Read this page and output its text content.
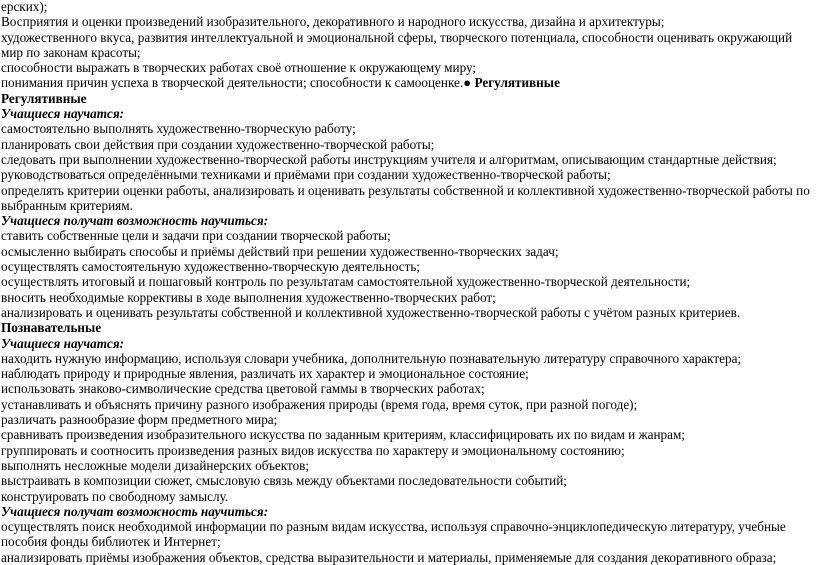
ерских);

Восприятия и оценки произведений изобразительного, декоративного и народного искусства, дизайна и архитектуры;

художественного вкуса, развития интеллектуальной и эмоциональной сферы, творческого потенциала, способности оценивать окружающий мир по законам красоты;

способности выражать в творческих работах своё отношение к окружающему миру;

понимания причин успеха в творческой деятельности; способности к самооценке.● Регулятивные

Регулятивные

Учащиеся научатся:

самостоятельно выполнять художественно-творческую работу;

планировать свои действия при создании художественно-творческой работы;

следовать при выполнении художественно-творческой работы инструкциям учителя и алгоритмам, описывающим стандартные действия;

руководствоваться определёнными техниками и приёмами при создании художественно-творческой работы;

определять критерии оценки работы, анализировать и оценивать результаты собственной и коллективной художественно-творческой работы по выбранным критериям.

Учащиеся получат возможность научиться:

ставить собственные цели и задачи при создании творческой работы;

осмысленно выбирать способы и приёмы действий при решении художественно-творческих задач;

осуществлять самостоятельную художественно-творческую деятельность;

осуществлять итоговый и пошаговый контроль по результатам самостоятельной художественно-творческой деятельности;

вносить необходимые коррективы в ходе выполнения художественно-творческих работ;

анализировать и оценивать результаты собственной и коллективной художественно-творческой работы с учётом разных критериев.

Познавательные

Учащиеся научатся:

находить нужную информацию, используя словари учебника, дополнительную познавательную литературу справочного характера;

наблюдать природу и природные явления, различать их характер и эмоциональное состояние;

использовать знаково-символические средства цветовой гаммы в творческих работах;

устанавливать и объяснять причину разного изображения природы (время года, время суток, при разной погоде);

различать разнообразие форм предметного мира;

сравнивать произведения изобразительного искусства по заданным критериям, классифицировать их по видам и жанрам;

группировать и соотносить произведения разных видов искусства по характеру и эмоциональному состоянию;

выполнять несложные модели дизайнерских объектов;

выстраивать в композиции сюжет, смысловую связь между объектами последовательности событий;

конструировать по свободному замыслу.

Учащиеся получат возможность научиться:

осуществлять поиск необходимой информации по разным видам искусства, используя справочно-энциклопедическую литературу, учебные пособия фонды библиотек и Интернет;

анализировать приёмы изображения объектов, средства выразительности и материалы, применяемые для создания декоративного образа;
